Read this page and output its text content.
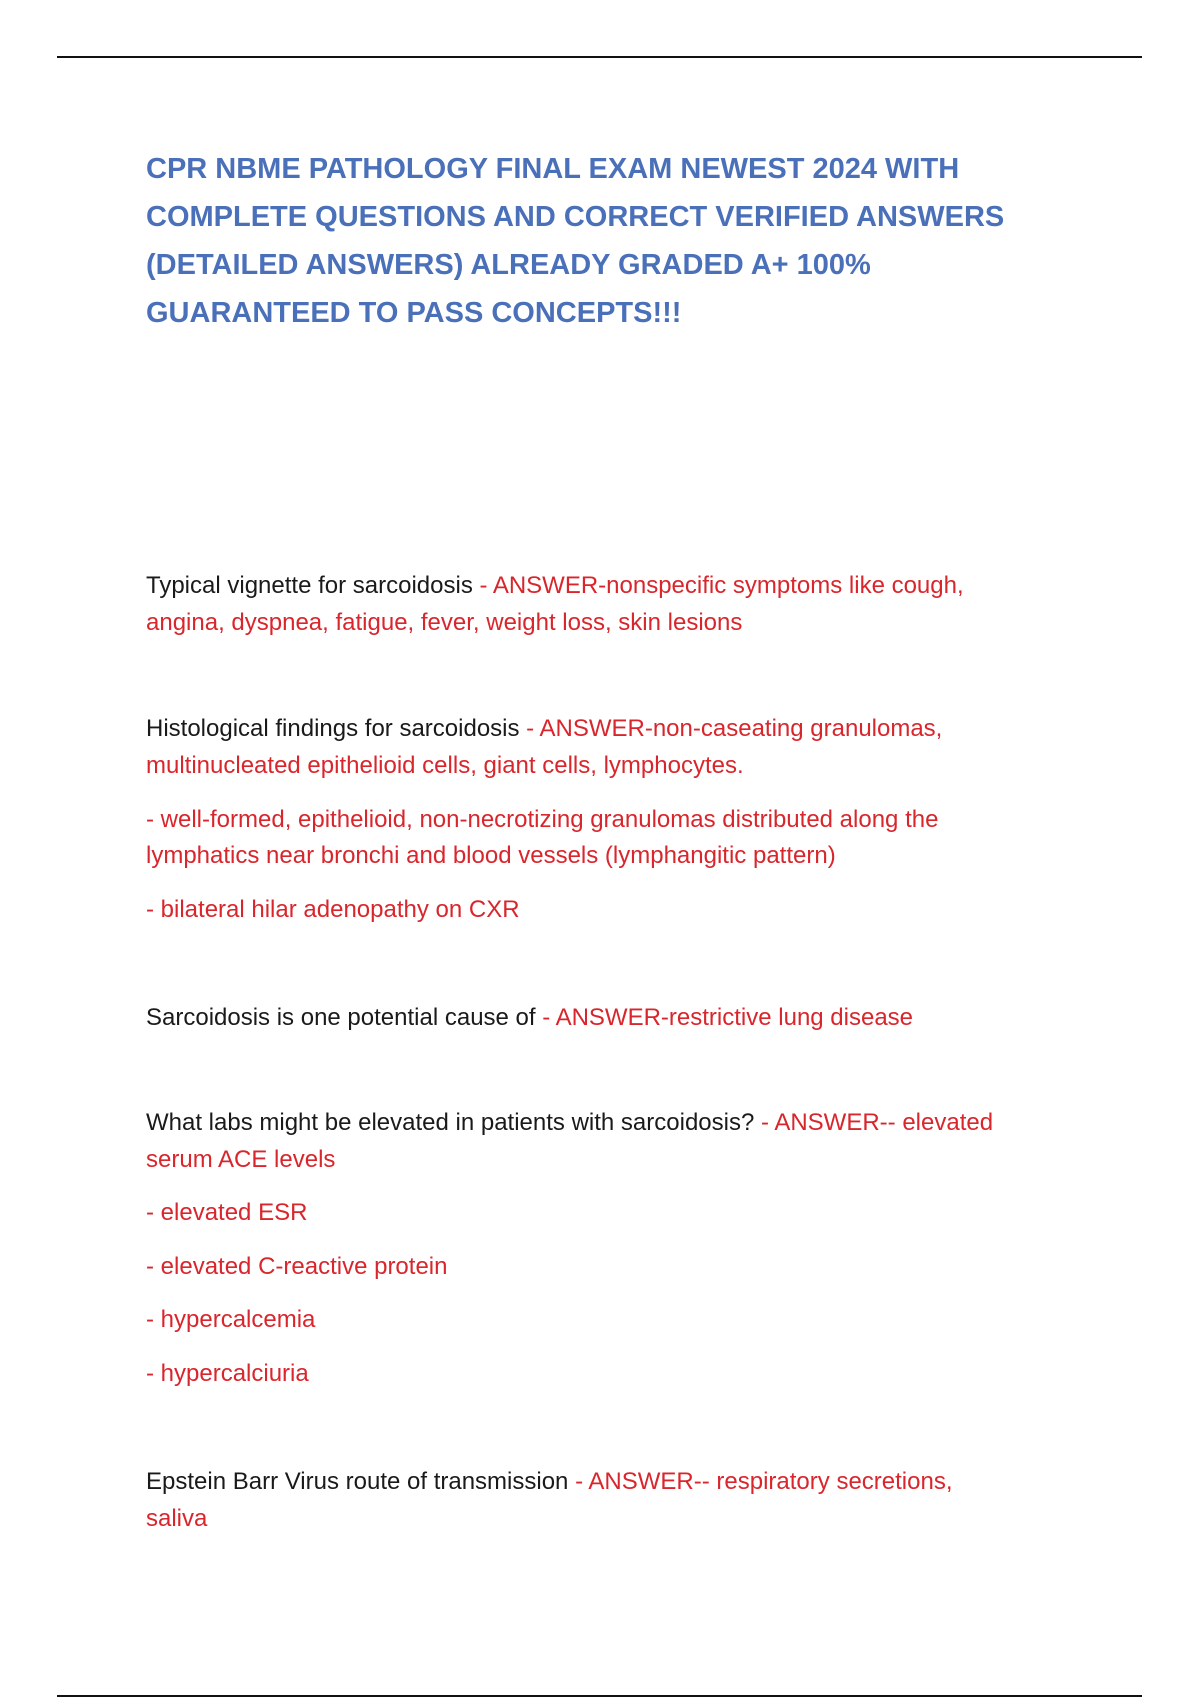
CPR NBME PATHOLOGY FINAL EXAM NEWEST 2024 WITH
COMPLETE QUESTIONS AND CORRECT VERIFIED ANSWERS
(DETAILED ANSWERS) ALREADY GRADED A+ 100%
GUARANTEED TO PASS CONCEPTS!!!
Typical vignette for sarcoidosis - ANSWER-nonspecific symptoms like cough,
angina, dyspnea, fatigue, fever, weight loss, skin lesions
Histological findings for sarcoidosis - ANSWER-non-caseating granulomas,
multinucleated epithelioid cells, giant cells, lymphocytes.
- well-formed, epithelioid, non-necrotizing granulomas distributed along the
lymphatics near bronchi and blood vessels (lymphangitic pattern)
- bilateral hilar adenopathy on CXR
Sarcoidosis is one potential cause of - ANSWER-restrictive lung disease
What labs might be elevated in patients with sarcoidosis? - ANSWER-- elevated
serum ACE levels
- elevated ESR
- elevated C-reactive protein
- hypercalcemia
- hypercalciuria
Epstein Barr Virus route of transmission - ANSWER-- respiratory secretions,
saliva
